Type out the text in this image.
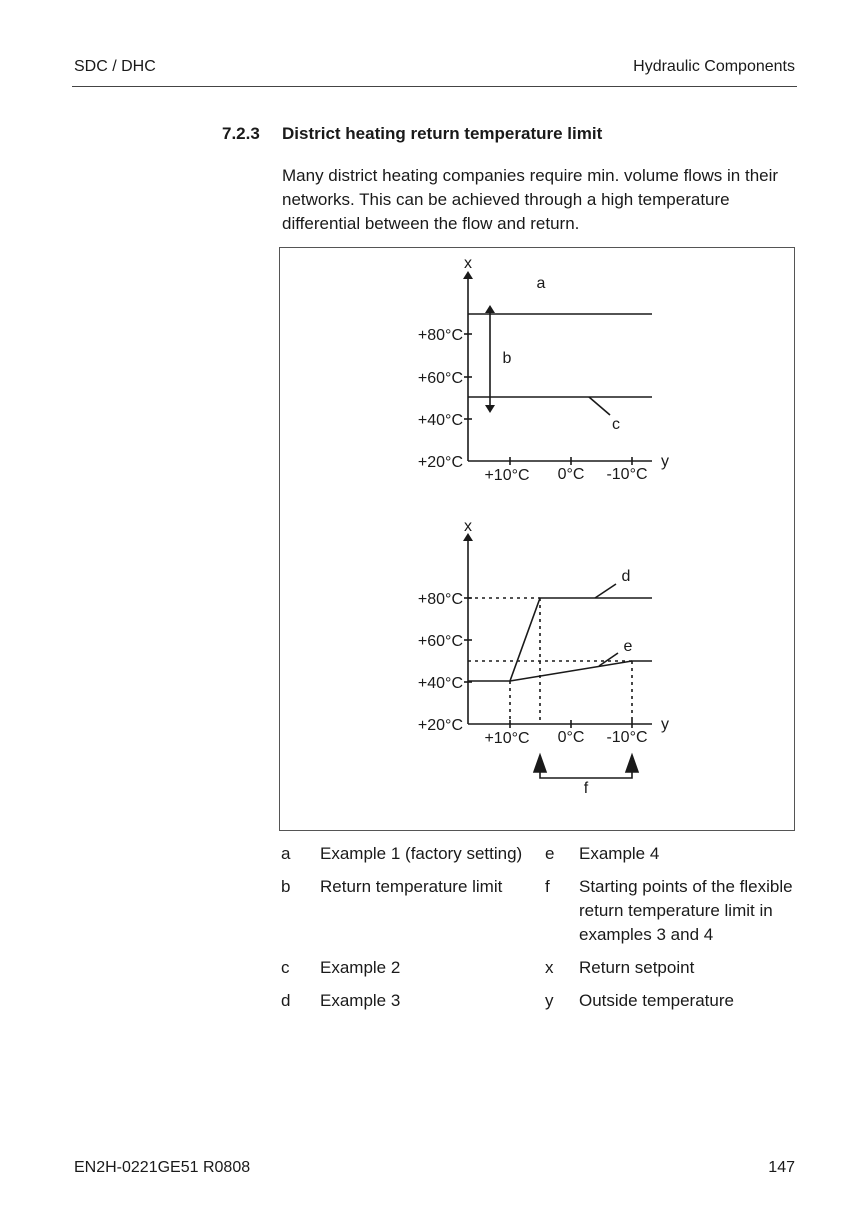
SDC / DHC	Hydraulic Components
7.2.3 District heating return temperature limit
Many district heating companies require min. volume flows in their networks. This can be achieved through a high temperature differential between the flow and return.
x
y
+80°C
+60°C
+40°C
+20°C
+10°C 0°C -10°C
a
b
c
x
y
+80°C
+60°C
+40°C
+20°C
+10°C 0°C -10°C
d
e
f
a Example 1 (factory setting)
b Return temperature limit
c Example 2
d Example 3
e Example 4
f Starting points of the flexible return temperature limit in examples 3 and 4
x Return setpoint
y Outside temperature
EN2H-0221GE51 R0808	147
